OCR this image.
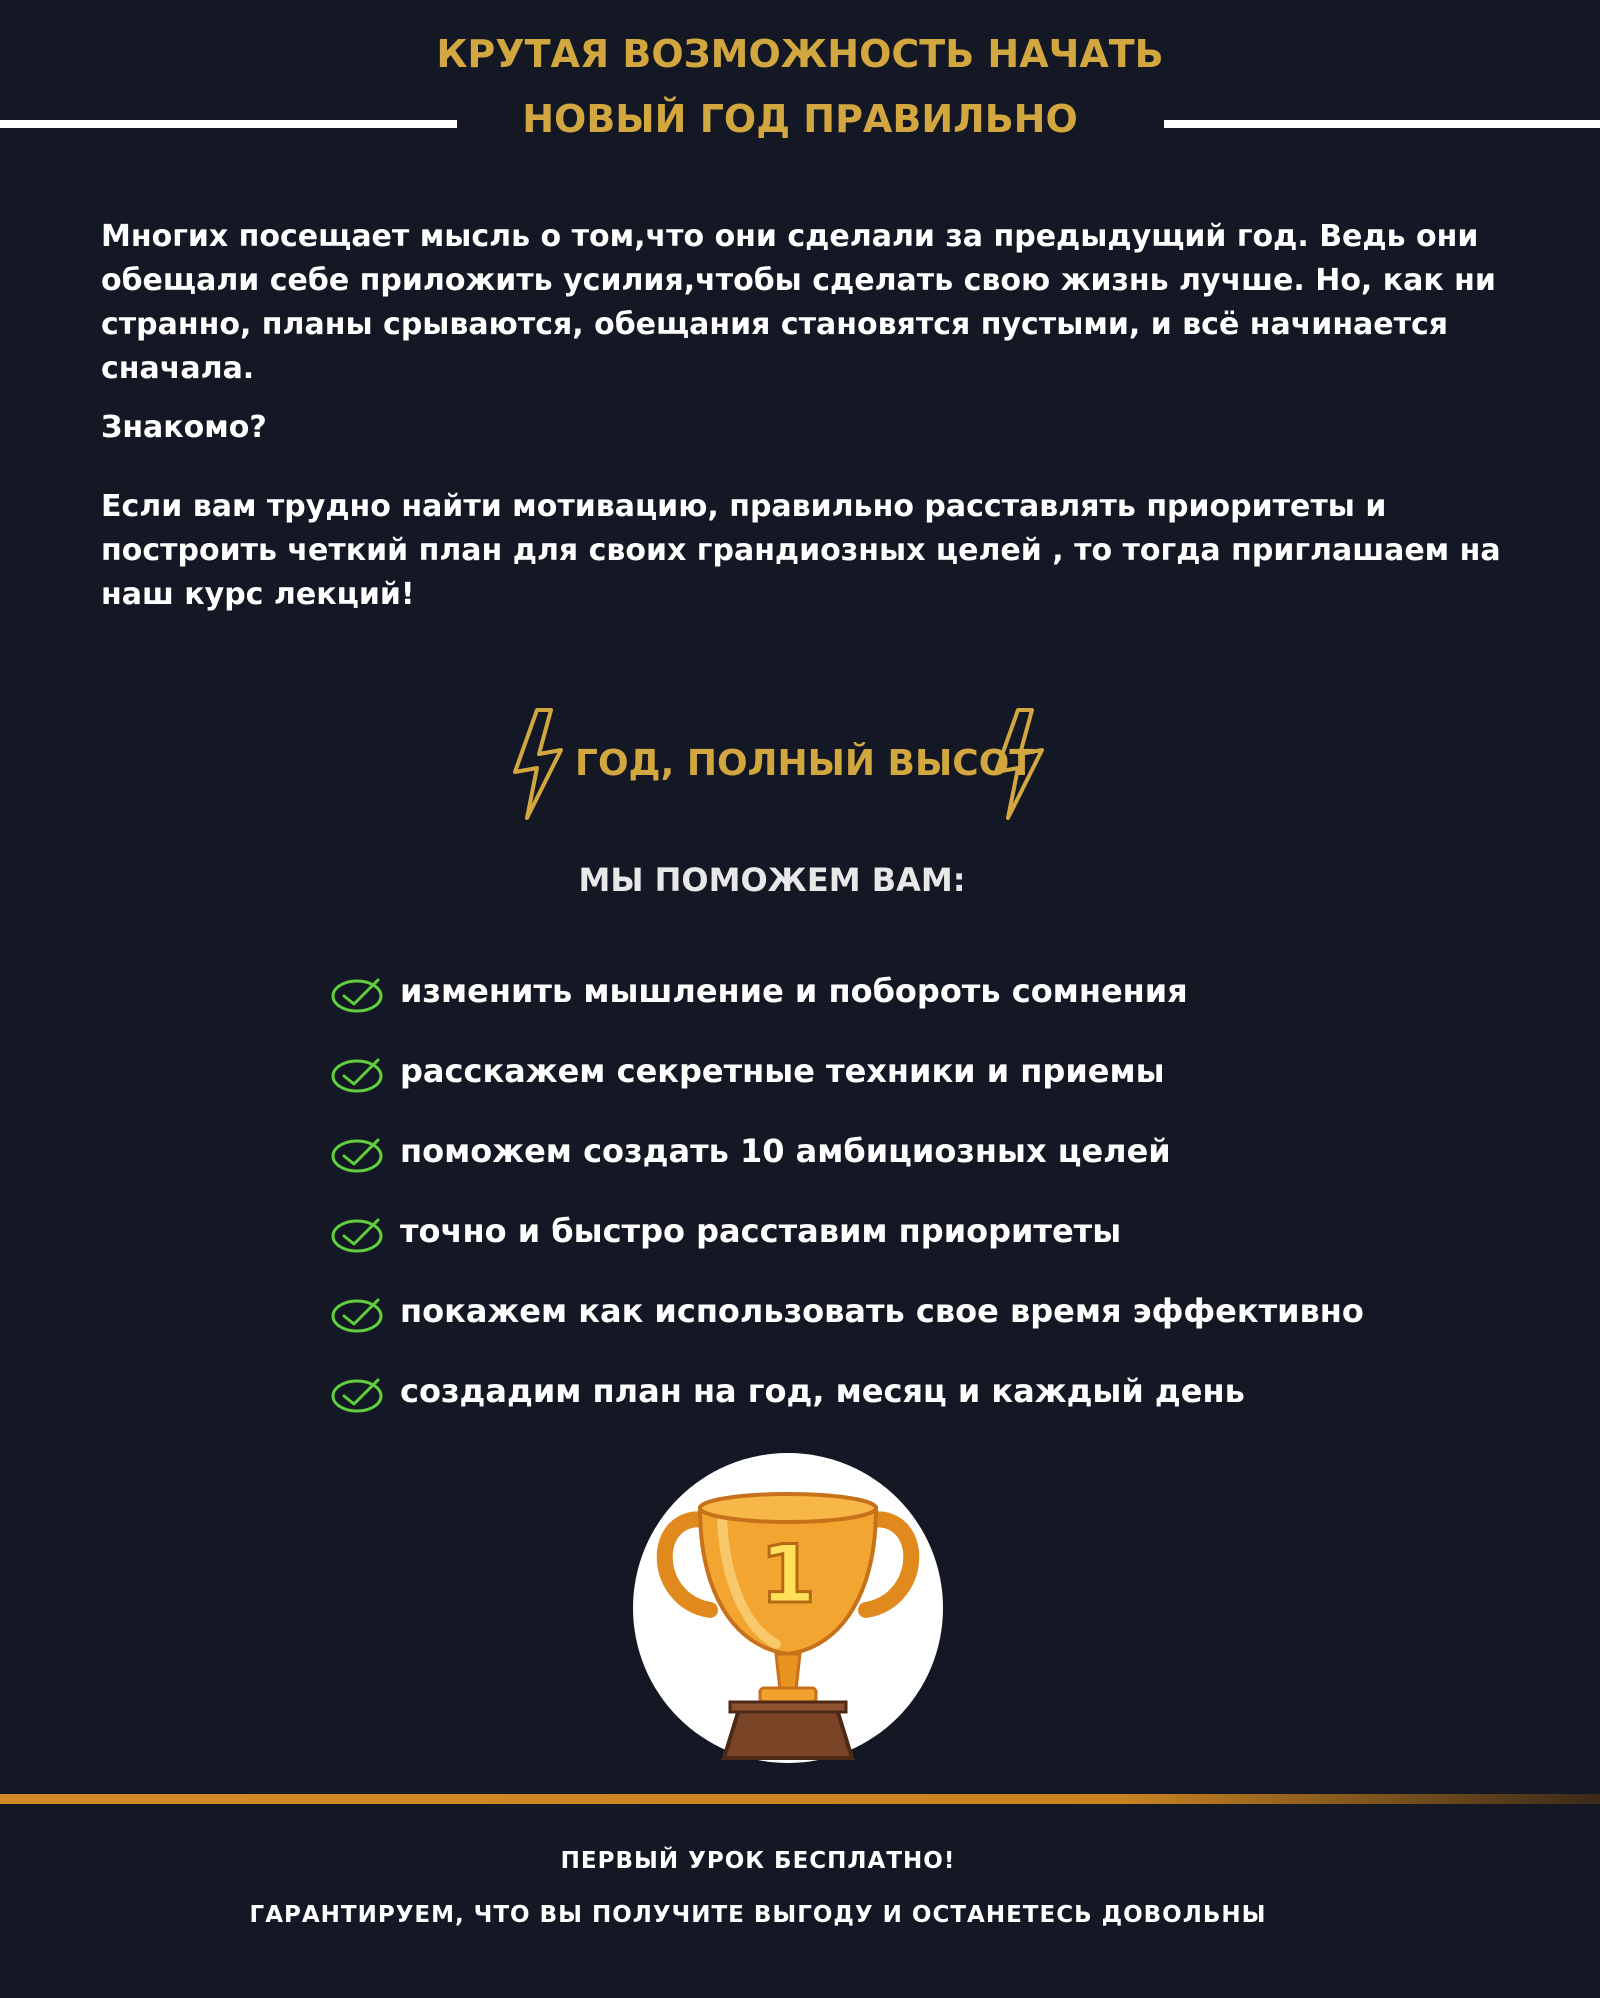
КРУТАЯ ВОЗМОЖНОСТЬ НАЧАТЬ
НОВЫЙ ГОД ПРАВИЛЬНО

Многих посещает мысль о том,что они сделали за предыдущий год. Ведь они обещали себе приложить усилия,чтобы сделать свою жизнь лучше. Но, как ни странно, планы срываются, обещания становятся пустыми, и всё начинается сначала.

Знакомо?

Если вам трудно найти мотивацию, правильно расставлять приоритеты и построить четкий план для своих грандиозных целей , то тогда приглашаем на наш курс лекций!

ГОД, ПОЛНЫЙ ВЫСОТ
МЫ ПОМОЖЕМ ВАМ:
изменить мышление и побороть сомнения
расскажем секретные техники и приемы
поможем создать 10 амбициозных целей
точно и быстро расставим приоритеты
покажем как использовать свое время эффективно
создадим план на год, месяц и каждый день
1
ПЕРВЫЙ УРОК БЕСПЛАТНО!
ГАРАНТИРУЕМ, ЧТО ВЫ ПОЛУЧИТЕ ВЫГОДУ И ОСТАНЕТЕСЬ ДОВОЛЬНЫ
